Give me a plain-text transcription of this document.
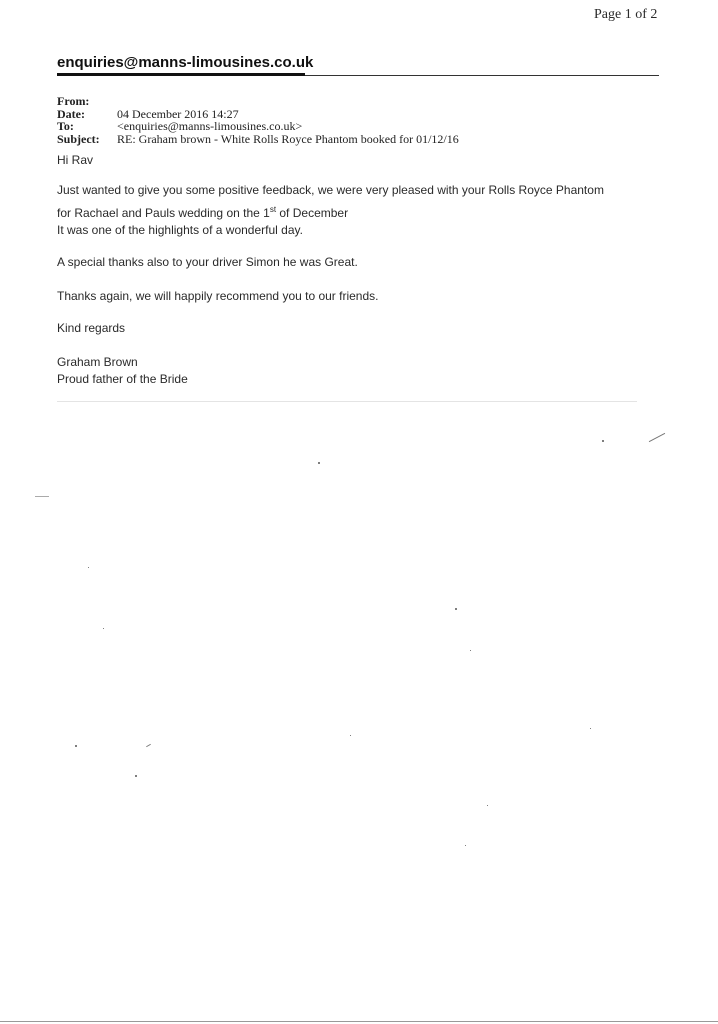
Page 1 of 2
enquiries@manns-limousines.co.uk
From:
Date:	04 December 2016 14:27
To:	<enquiries@manns-limousines.co.uk>
Subject:	RE: Graham brown - White Rolls Royce Phantom booked for 01/12/16
Hi Rav
Just wanted to give you some positive feedback, we were very pleased with your Rolls Royce Phantom
for Rachael and Pauls wedding on the 1st of December
It was one of the highlights of a wonderful day.
A special thanks also to your driver Simon he was Great.
Thanks again, we will happily recommend you to our friends.
Kind regards
Graham Brown
Proud father of the Bride
